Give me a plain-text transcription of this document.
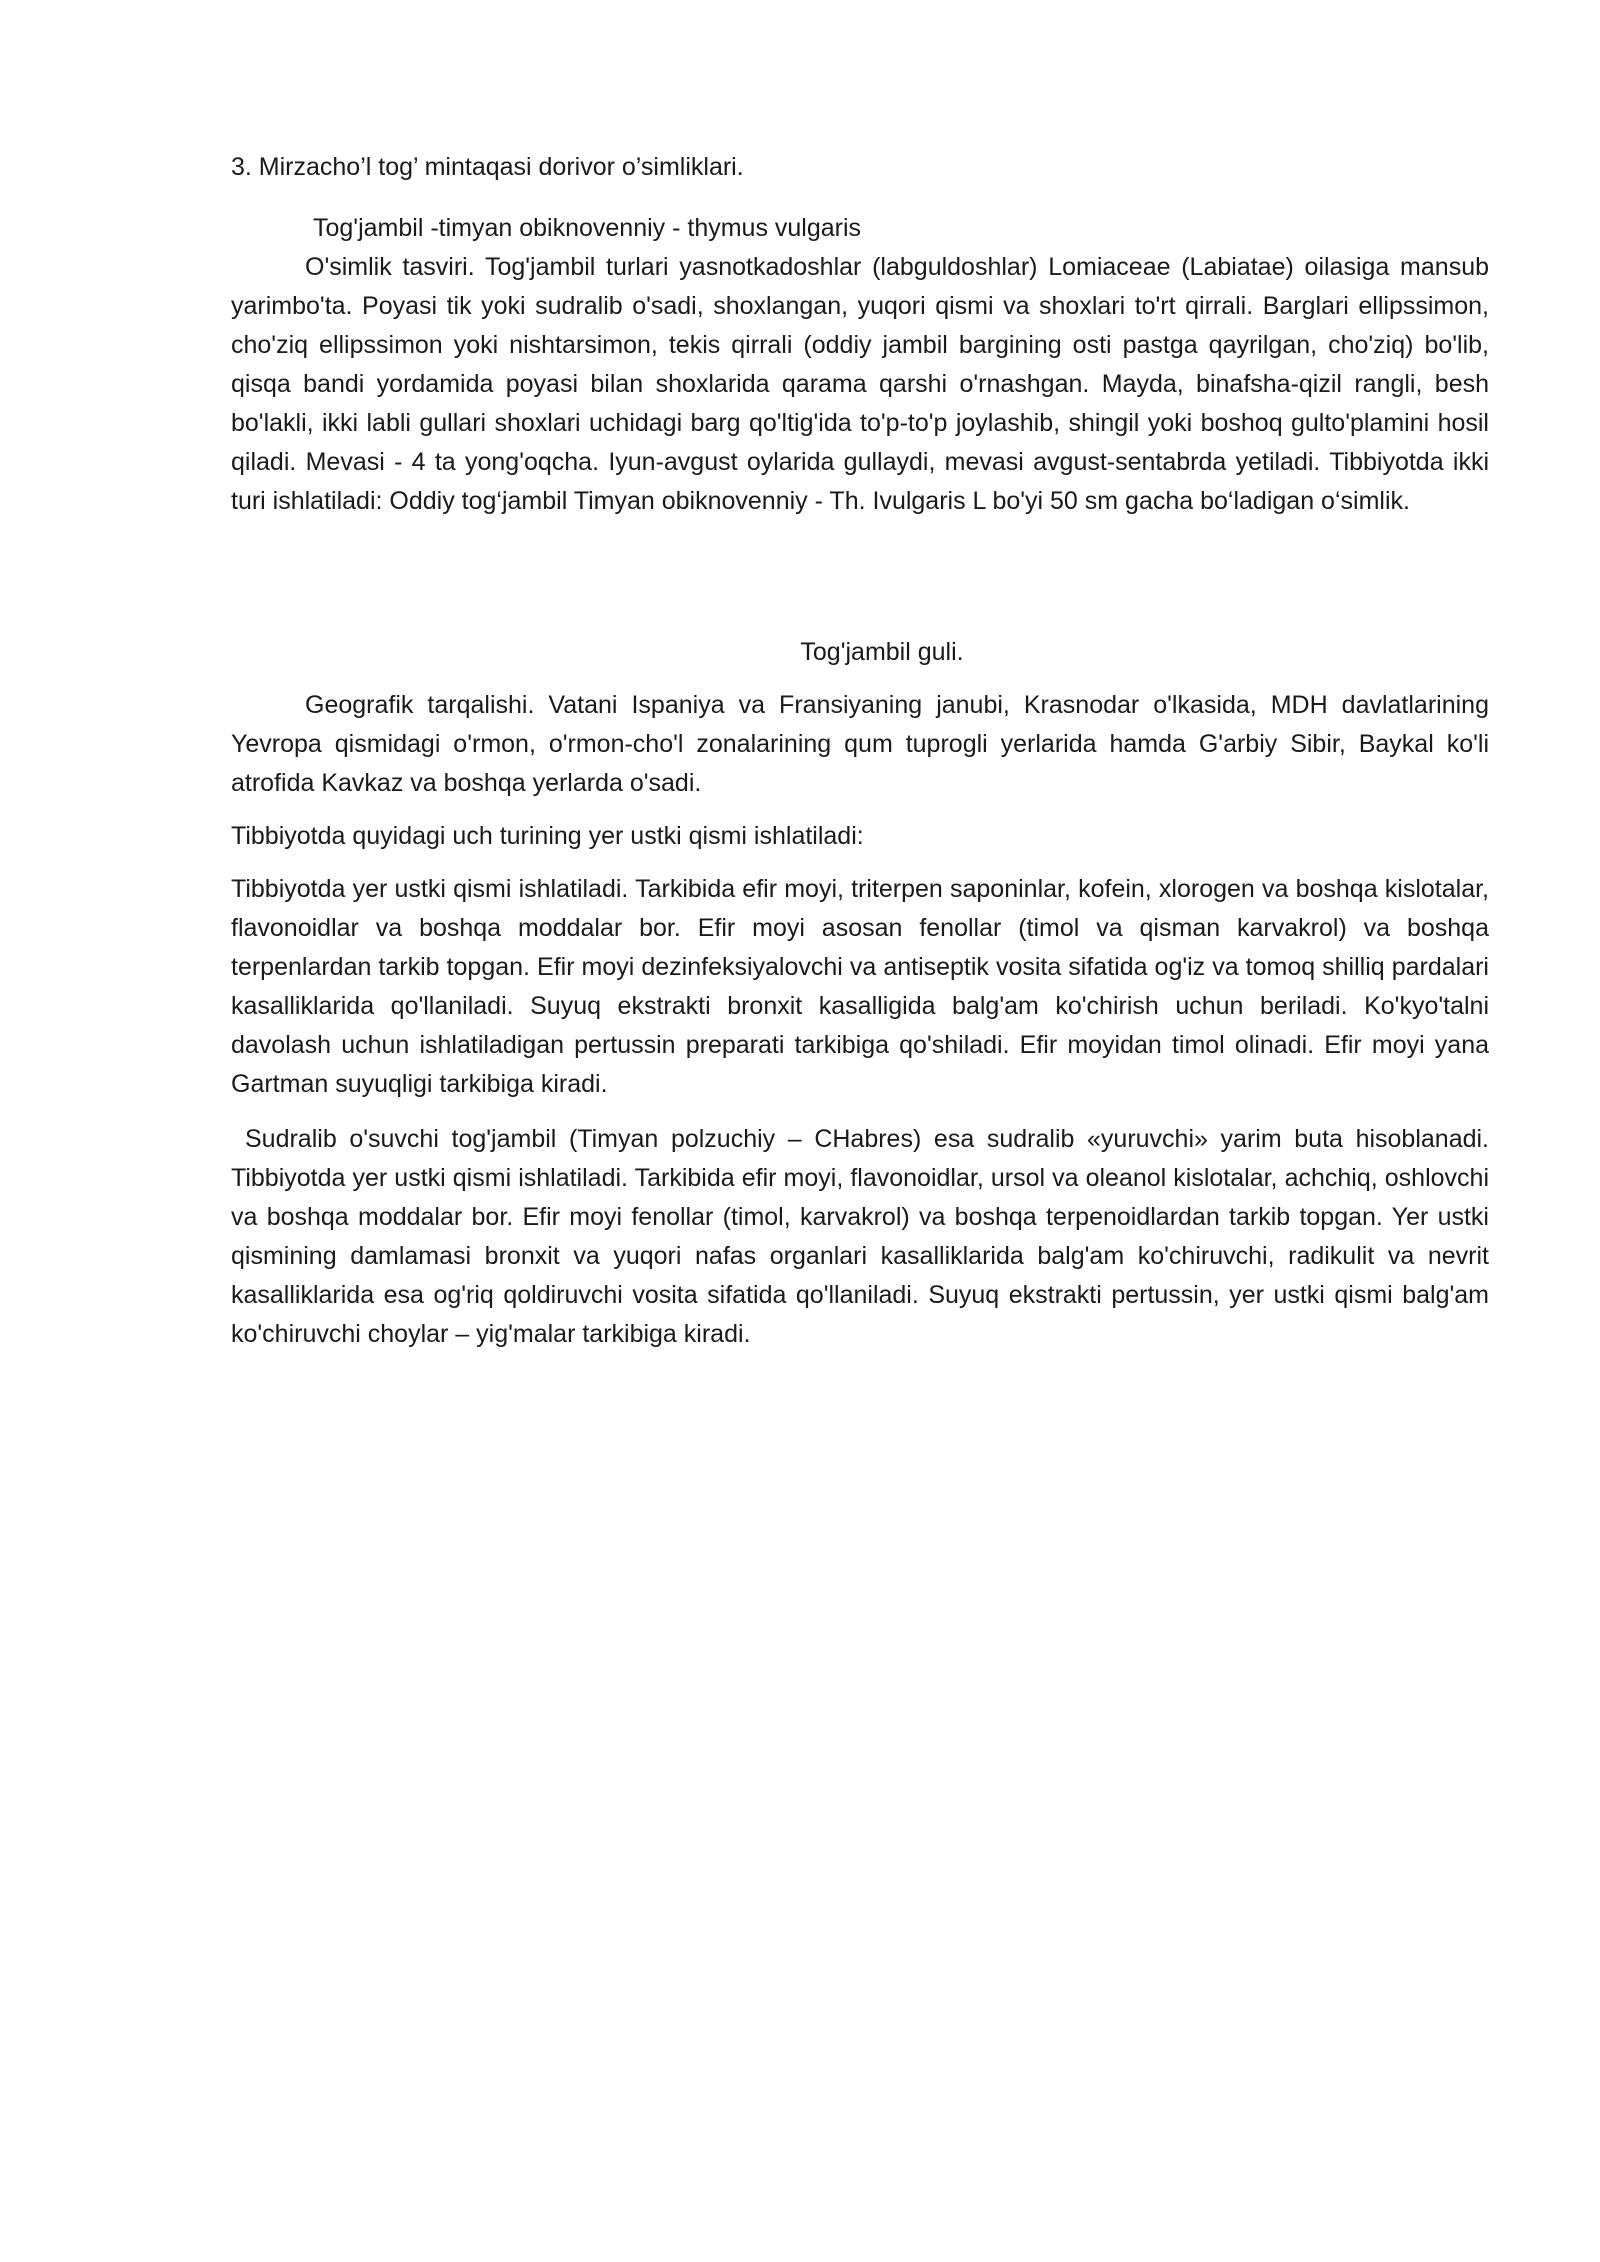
3. Mirzacho’l tog’ mintaqasi dorivor o’simliklari.

Tog'jambil -timyan obiknovenniy - thymus vulgaris

O'simlik tasviri. Tog'jambil turlari yasnotkadoshlar (labguldoshlar) Lomiaceae (Labiatae) oilasiga mansub yarimbo'ta. Poyasi tik yoki sudralib o'sadi, shoxlangan, yuqori qismi va shoxlari to'rt qirrali. Barglari ellipssimon, cho'ziq ellipssimon yoki nishtarsimon, tekis qirrali (oddiy jambil bargining osti pastga qayrilgan, cho'ziq) bo'lib, qisqa bandi yordamida poyasi bilan shoxlarida qarama qarshi o'rnashgan. Mayda, binafsha-qizil rangli, besh bo'lakli, ikki labli gullari shoxlari uchidagi barg qo'ltig'ida to'p-to'p joylashib, shingil yoki boshoq gulto'plamini hosil qiladi. Mevasi - 4 ta yong'oqcha. Iyun-avgust oylarida gullaydi, mevasi avgust-sentabrda yetiladi. Tibbiyotda ikki turi ishlatiladi: Oddiy tog‘jambil Timyan obiknovenniy - Th. Ivulgaris L bo'yi 50 sm gacha bo‘ladigan o‘simlik.

Tog'jambil guli.

Geografik tarqalishi. Vatani Ispaniya va Fransiyaning janubi, Krasnodar o'lkasida, MDH davlatlarining Yevropa qismidagi o'rmon, o'rmon-cho'l zonalarining qum tuprogli yerlarida hamda G'arbiy Sibir, Baykal ko'li atrofida Kavkaz va boshqa yerlarda o'sadi.

Tibbiyotda quyidagi uch turining yer ustki qismi ishlatiladi:

Tibbiyotda yer ustki qismi ishlatiladi. Tarkibida efir moyi, triterpen saponinlar, kofein, xlorogen va boshqa kislotalar, flavonoidlar va boshqa moddalar bor. Efir moyi asosan fenollar (timol va qisman karvakrol) va boshqa terpenlardan tarkib topgan. Efir moyi dezinfeksiyalovchi va antiseptik vosita sifatida og'iz va tomoq shilliq pardalari kasalliklarida qo'llaniladi. Suyuq ekstrakti bronxit kasalligida balg'am ko'chirish uchun beriladi. Ko'kyo'talni davolash uchun ishlatiladigan pertussin preparati tarkibiga qo'shiladi. Efir moyidan timol olinadi. Efir moyi yana Gartman suyuqligi tarkibiga kiradi.

Sudralib o'suvchi tog'jambil (Timyan polzuchiy – CHabres) esa sudralib «yuruvchi» yarim buta hisoblanadi. Tibbiyotda yer ustki qismi ishlatiladi. Tarkibida efir moyi, flavonoidlar, ursol va oleanol kislotalar, achchiq, oshlovchi va boshqa moddalar bor. Efir moyi fenollar (timol, karvakrol) va boshqa terpenoidlardan tarkib topgan. Yer ustki qismining damlamasi bronxit va yuqori nafas organlari kasalliklarida balg'am ko'chiruvchi, radikulit va nevrit kasalliklarida esa og'riq qoldiruvchi vosita sifatida qo'llaniladi. Suyuq ekstrakti pertussin, yer ustki qismi balg'am ko'chiruvchi choylar – yig'malar tarkibiga kiradi.
